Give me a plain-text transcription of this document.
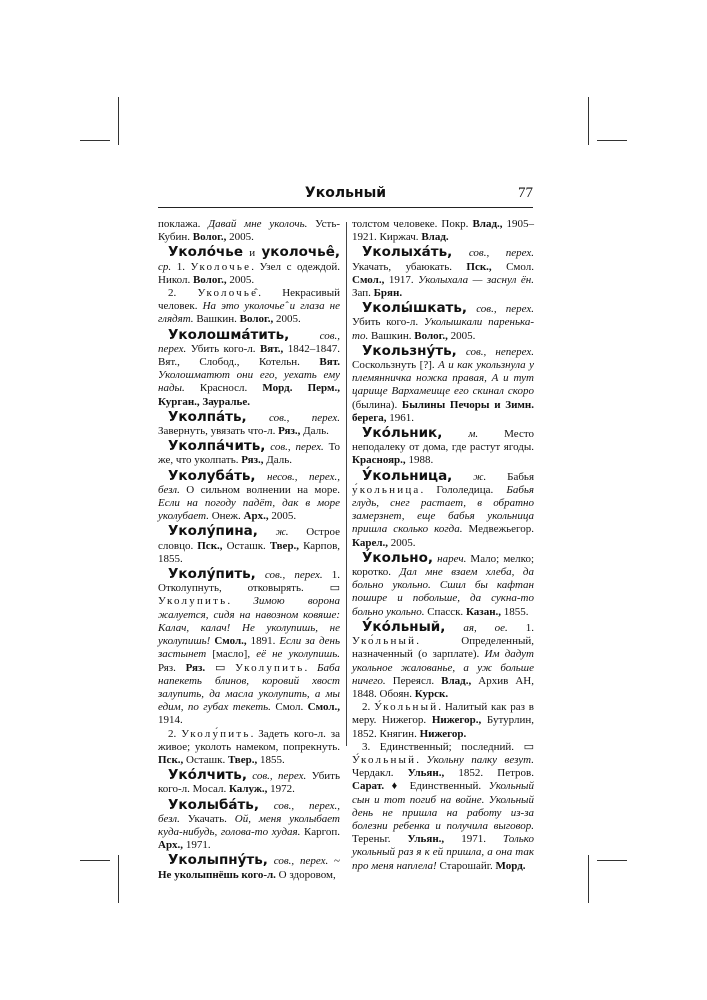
Укольный	77

поклажа. Давай мне уколочь. Усть-Кубин. Волог., 2005.

Уколо́чье и уколочье̂, ср. 1. Уколочье. Узел с одеждой. Никол. Волог., 2005.

2. Уколочье̂. Некрасивый человек. На это уколочье̂ и глаза не глядят. Вашкин. Волог., 2005.

Уколошма́тить,	сов., перех. Убить кого-л. Вят., 1842–1847. Вят., Слобод., Котельн. Вят. Уколошматют они его, уехать ему нады. Красносл. Морд. Перм., Курган., Зауралье.

Уколпа́ть, сов., перех. Завернуть, увязать что-л. Ряз., Даль.

Уколпа́чить, сов., перех. То же, что уколпать. Ряз., Даль.

Уколуба́ть, несов., перех., безл. О сильном волнении на море. Если на погоду падёт, дак в море уколубает. Онеж. Арх., 2005.

Уколу́пина, ж. Острое словцо. Пск., Осташк. Твер., Карпов, 1855.

Уколу́пить, сов., перех. 1. Отколупнуть, отковырять. ▭ Уколупить. Зимою ворона жалуется, сидя на навозном ковяше: Калач, калач! Не уколупишь, не уколупишь! Смол., 1891. Если за день застынет [масло], её не уколупишь. Ряз. Ряз. ▭ Уколупить. Баба напекеть блинов, коровий хвост залупить, да масла уколупить, а мы едим, по губах текеть. Смол. Смол., 1914.

2. Уколу́пить. Задеть кого-л. за живое; уколоть намеком, попрекнуть. Пск., Осташк. Твер., 1855.

Уко́лчить, сов., перех. Убить кого-л. Мосал. Калуж., 1972.

Уколыба́ть, сов., перех., безл. Укачать. Ой, меня уколыбает куда-нибудь, голова-то худая. Каргоп. Арх., 1971.

Уколыпну́ть, сов., перех. ~ Не уколыпнёшь кого-л. О здоровом,

толстом человеке. Покр. Влад., 1905–1921. Киржач. Влад.

Уколыха́ть, сов., перех. Укачать, убаюкать. Пск., Смол. Смол., 1917. Уколыхала — заснул ён. Зап. Брян.

Уколы́шкать, сов., перех. Убить кого-л. Уколышкали паренька-то. Вашкин. Волог., 2005.

Укользну́ть, сов., неперех. Соскользнуть [?]. А и как укользнула у племянничка ножка правая, А и тут царище Вархамеище его скинал скоро (былина). Былины Печоры и Зимн. берега, 1961.

Уко́льник, м. Место неподалеку от дома, где растут ягоды. Краснояр., 1988.

У́кольница, ж. Бабья у́кольница. Гололедица. Бабья глудь, снег растает, в обратно замерзнет, еще бабья укольница пришла сколько когда. Медвежьегор. Карел., 2005.

У́кольно, нареч. Мало; мелко; коротко. Дал мне взаем хлеба, да больно укольно. Сшил бы кафтан пошире и побольше, да сукна-то больно укольно. Спасск. Казан., 1855.

У́ко́льный, ая, ое. 1. Уко́льный. Определенный, назначенный (о зарплате). Им дадут укольное жалованье, а уж больше ничего. Переясл. Влад., Архив АН, 1848. Обоян. Курск.

2. У́кольный. Налитый как раз в меру. Нижегор. Нижегор., Бутурлин, 1852. Княгин. Нижегор.

3. Единственный; последний. ▭ У́кольный. Укольну палку везут. Чердакл. Ульян., 1852. Петров. Сарат. ♦ Единственный. Укольный сын и тот погиб на войне. Укольный день не пришла на работу из-за болезни ребенка и получила выговор. Тереньг. Ульян., 1971. Только укольный раз я к ей пришла, а она так про меня наплела! Старошайг. Морд.
